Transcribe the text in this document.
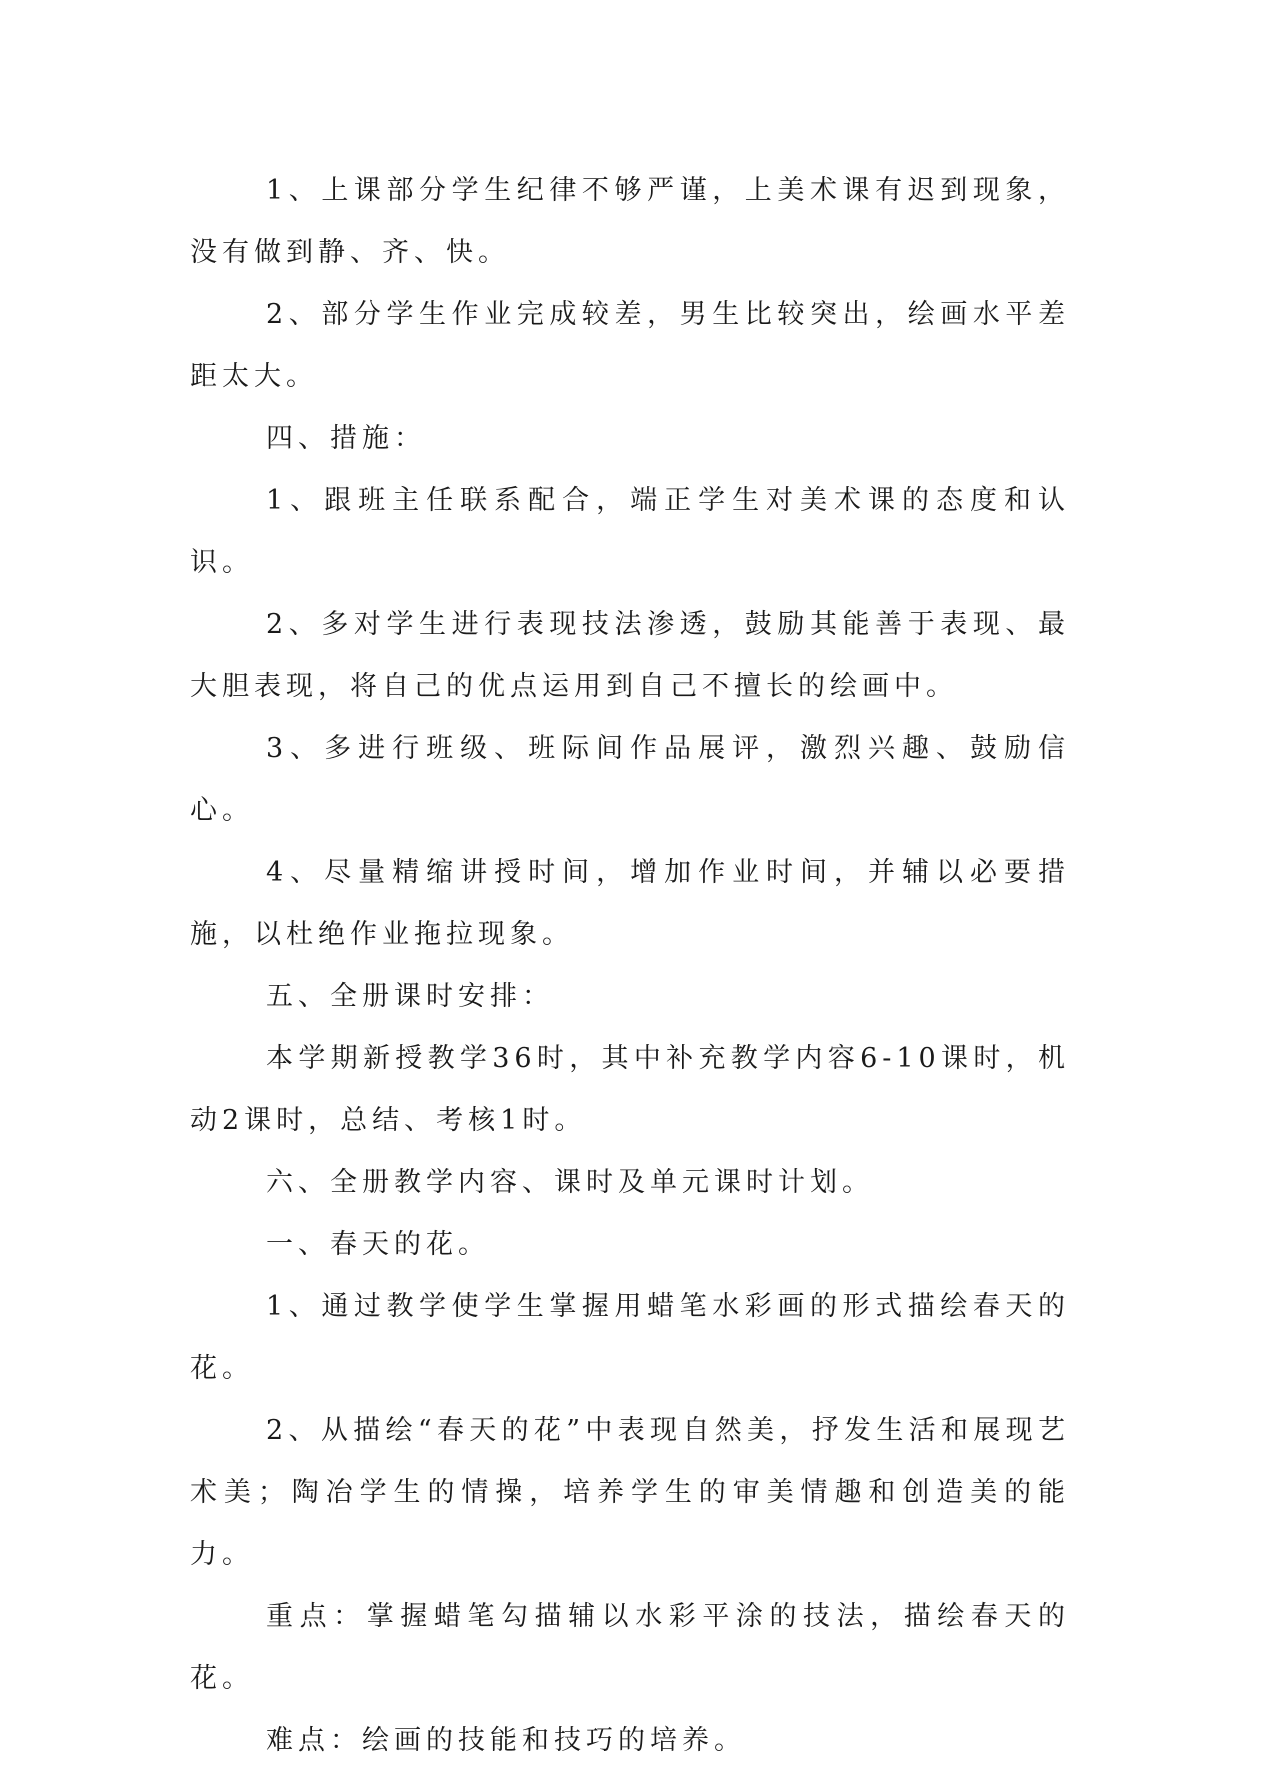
1、上课部分学生纪律不够严谨，上美术课有迟到现象，没有做到静、齐、快。

2、部分学生作业完成较差，男生比较突出，绘画水平差距太大。

四、措施：

1、跟班主任联系配合，端正学生对美术课的态度和认识。

2、多对学生进行表现技法渗透，鼓励其能善于表现、最大胆表现，将自己的优点运用到自己不擅长的绘画中。

3、多进行班级、班际间作品展评，激烈兴趣、鼓励信心。

4、尽量精缩讲授时间，增加作业时间，并辅以必要措施，以杜绝作业拖拉现象。

五、全册课时安排：

本学期新授教学36时，其中补充教学内容6-10课时，机动2课时，总结、考核1时。

六、全册教学内容、课时及单元课时计划。

一、春天的花。

1、通过教学使学生掌握用蜡笔水彩画的形式描绘春天的花。

2、从描绘“春天的花”中表现自然美，抒发生活和展现艺术美；陶冶学生的情操，培养学生的审美情趣和创造美的能力。

重点：掌握蜡笔勾描辅以水彩平涂的技法，描绘春天的花。

难点：绘画的技能和技巧的培养。
